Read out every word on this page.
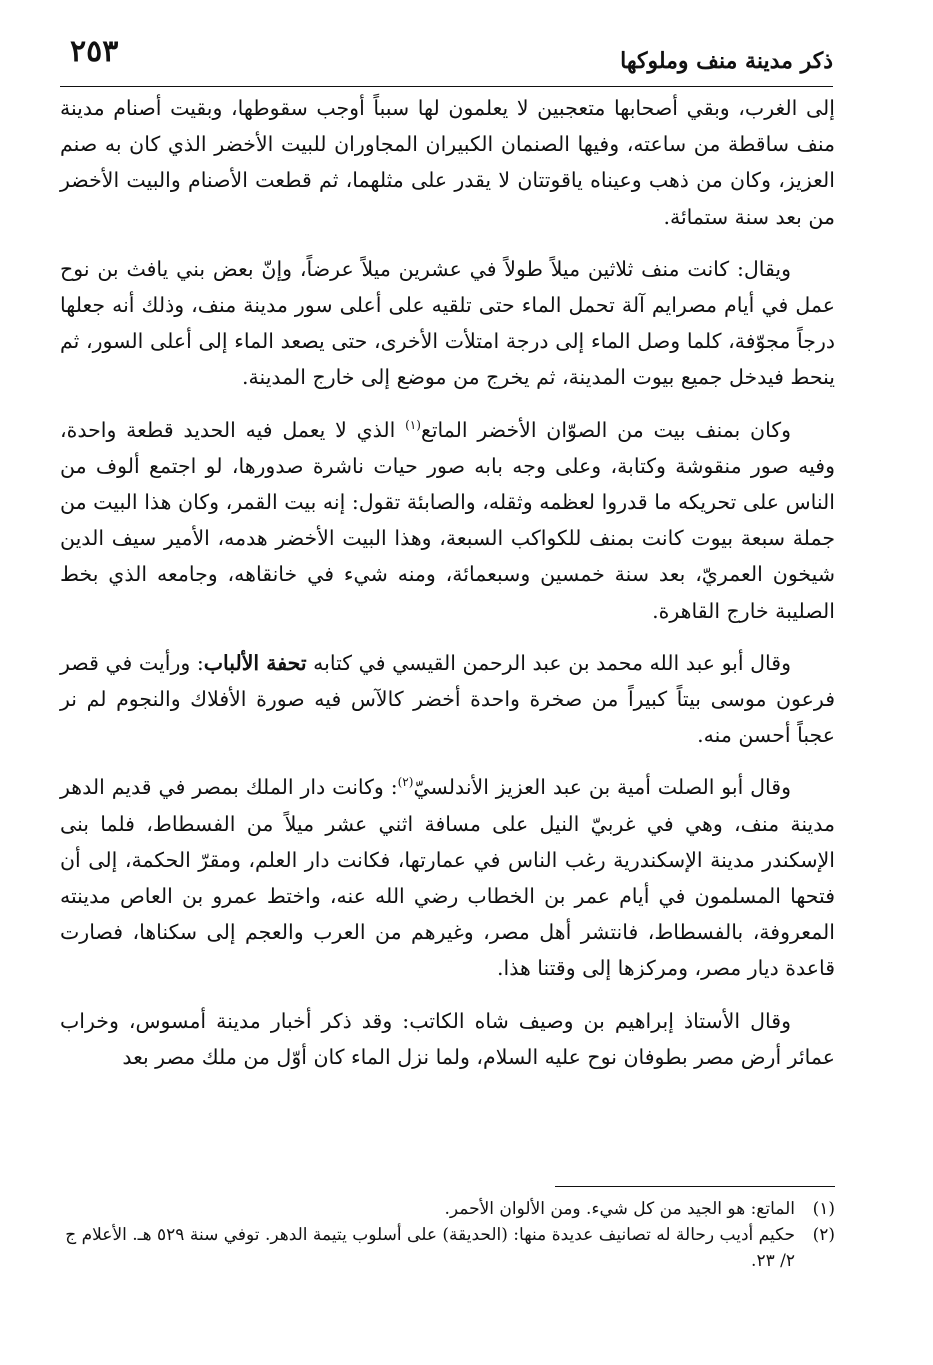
ذكر مدينة منف وملوكها
٢٥٣

إلى الغرب، وبقي أصحابها متعجبين لا يعلمون لها سبباً أوجب سقوطها، وبقيت أصنام مدينة منف ساقطة من ساعته، وفيها الصنمان الكبيران المجاوران للبيت الأخضر الذي كان به صنم العزيز، وكان من ذهب وعيناه ياقوتتان لا يقدر على مثلهما، ثم قطعت الأصنام والبيت الأخضر من بعد سنة ستمائة.

ويقال: كانت منف ثلاثين ميلاً طولاً في عشرين ميلاً عرضاً، وإنّ بعض بني يافث بن نوح عمل في أيام مصرايم آلة تحمل الماء حتى تلقيه على أعلى سور مدينة منف، وذلك أنه جعلها درجاً مجوّفة، كلما وصل الماء إلى درجة امتلأت الأخرى، حتى يصعد الماء إلى أعلى السور، ثم ينحط فيدخل جميع بيوت المدينة، ثم يخرج من موضع إلى خارج المدينة.

وكان بمنف بيت من الصوّان الأخضر الماتع$^{(١)}$ الذي لا يعمل فيه الحديد قطعة واحدة، وفيه صور منقوشة وكتابة، وعلى وجه بابه صور حيات ناشرة صدورها، لو اجتمع ألوف من الناس على تحريكه ما قدروا لعظمه وثقله، والصابئة تقول: إنه بيت القمر، وكان هذا البيت من جملة سبعة بيوت كانت بمنف للكواكب السبعة، وهذا البيت الأخضر هدمه، الأمير سيف الدين شيخون العمريّ، بعد سنة خمسين وسبعمائة، ومنه شيء في خانقاهه، وجامعه الذي بخط الصليبة خارج القاهرة.

وقال أبو عبد الله محمد بن عبد الرحمن القيسي في كتابه تحفة الألباب: ورأيت في قصر فرعون موسى بيتاً كبيراً من صخرة واحدة أخضر كالآس فيه صورة الأفلاك والنجوم لم نر عجباً أحسن منه.

وقال أبو الصلت أمية بن عبد العزيز الأندلسيّ$^{(٢)}$: وكانت دار الملك بمصر في قديم الدهر مدينة منف، وهي في غربيّ النيل على مسافة اثني عشر ميلاً من الفسطاط، فلما بنى الإسكندر مدينة الإسكندرية رغب الناس في عمارتها، فكانت دار العلم، ومقرّ الحكمة، إلى أن فتحها المسلمون في أيام عمر بن الخطاب رضي الله عنه، واختط عمرو بن العاص مدينته المعروفة، بالفسطاط، فانتشر أهل مصر، وغيرهم من العرب والعجم إلى سكناها، فصارت قاعدة ديار مصر، ومركزها إلى وقتنا هذا.

وقال الأستاذ إبراهيم بن وصيف شاه الكاتب: وقد ذكر أخبار مدينة أمسوس، وخراب عمائر أرض مصر بطوفان نوح عليه السلام، ولما نزل الماء كان أوّل من ملك مصر بعد

(١)
الماتع: هو الجيد من كل شيء. ومن الألوان الأحمر.

(٢)
حكيم أديب رحالة له تصانيف عديدة منها: (الحديقة) على أسلوب يتيمة الدهر. توفي سنة ٥٢٩ هـ. الأعلام ج ٢/ ٢٣.
